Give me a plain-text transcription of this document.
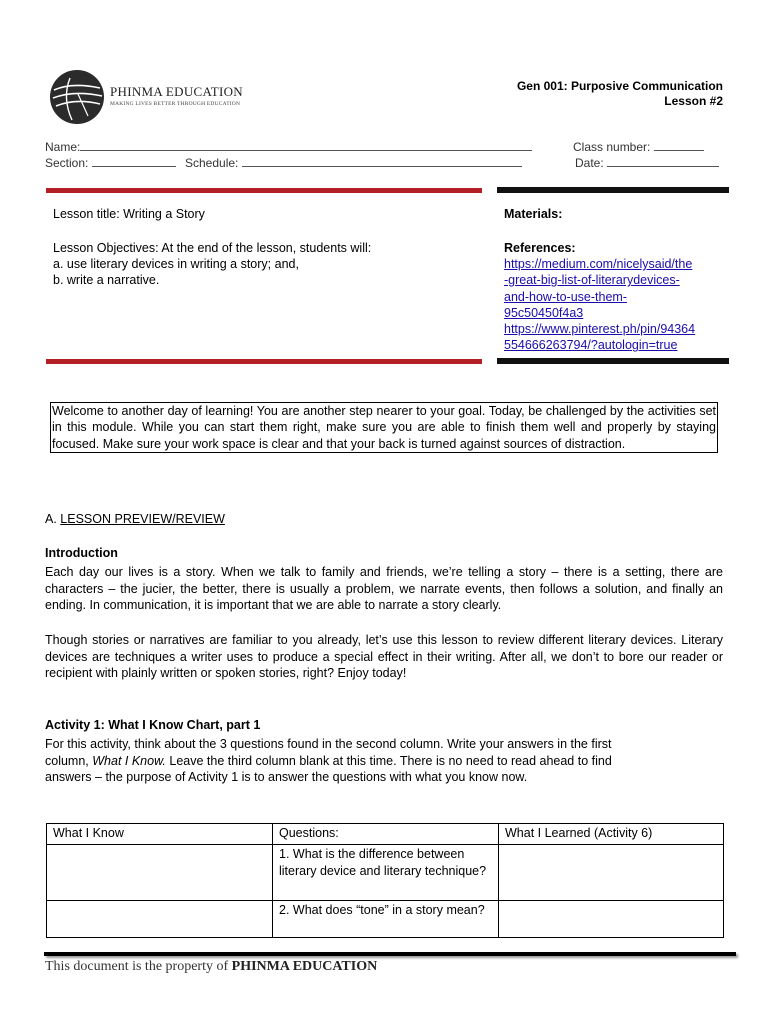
PHINMA EDUCATION
MAKING LIVES BETTER THROUGH EDUCATION
Gen 001: Purposive Communication
Lesson #2
Name:	Class number:
Section:	Schedule:	Date:
Lesson title: Writing a Story
Lesson Objectives: At the end of the lesson, students will:
a. use literary devices in writing a story; and,
b. write a narrative.
Materials:
References:
https://medium.com/nicelysaid/the
-great-big-list-of-literarydevices-
and-how-to-use-them-
95c50450f4a3
https://www.pinterest.ph/pin/94364
554666263794/?autologin=true
Welcome to another day of learning! You are another step nearer to your goal. Today, be challenged by the activities set in this module. While you can start them right, make sure you are able to finish them well and properly by staying focused. Make sure your work space is clear and that your back is turned against sources of distraction.
A. LESSON PREVIEW/REVIEW
Introduction
Each day our lives is a story. When we talk to family and friends, we’re telling a story – there is a setting, there are characters – the jucier, the better, there is usually a problem, we narrate events, then follows a solution, and finally an ending. In communication, it is important that we are able to narrate a story clearly.
Though stories or narratives are familiar to you already, let’s use this lesson to review different literary devices. Literary devices are techniques a writer uses to produce a special effect in their writing. After all, we don’t to bore our reader or recipient with plainly written or spoken stories, right? Enjoy today!
Activity 1: What I Know Chart, part 1
For this activity, think about the 3 questions found in the second column. Write your answers in the first
column, What I Know. Leave the third column blank at this time. There is no need to read ahead to find
answers – the purpose of Activity 1 is to answer the questions with what you know now.
What I Know	Questions:	What I Learned (Activity 6)
	1. What is the difference between literary device and literary technique?	
	2. What does “tone” in a story mean?	
This document is the property of PHINMA EDUCATION
